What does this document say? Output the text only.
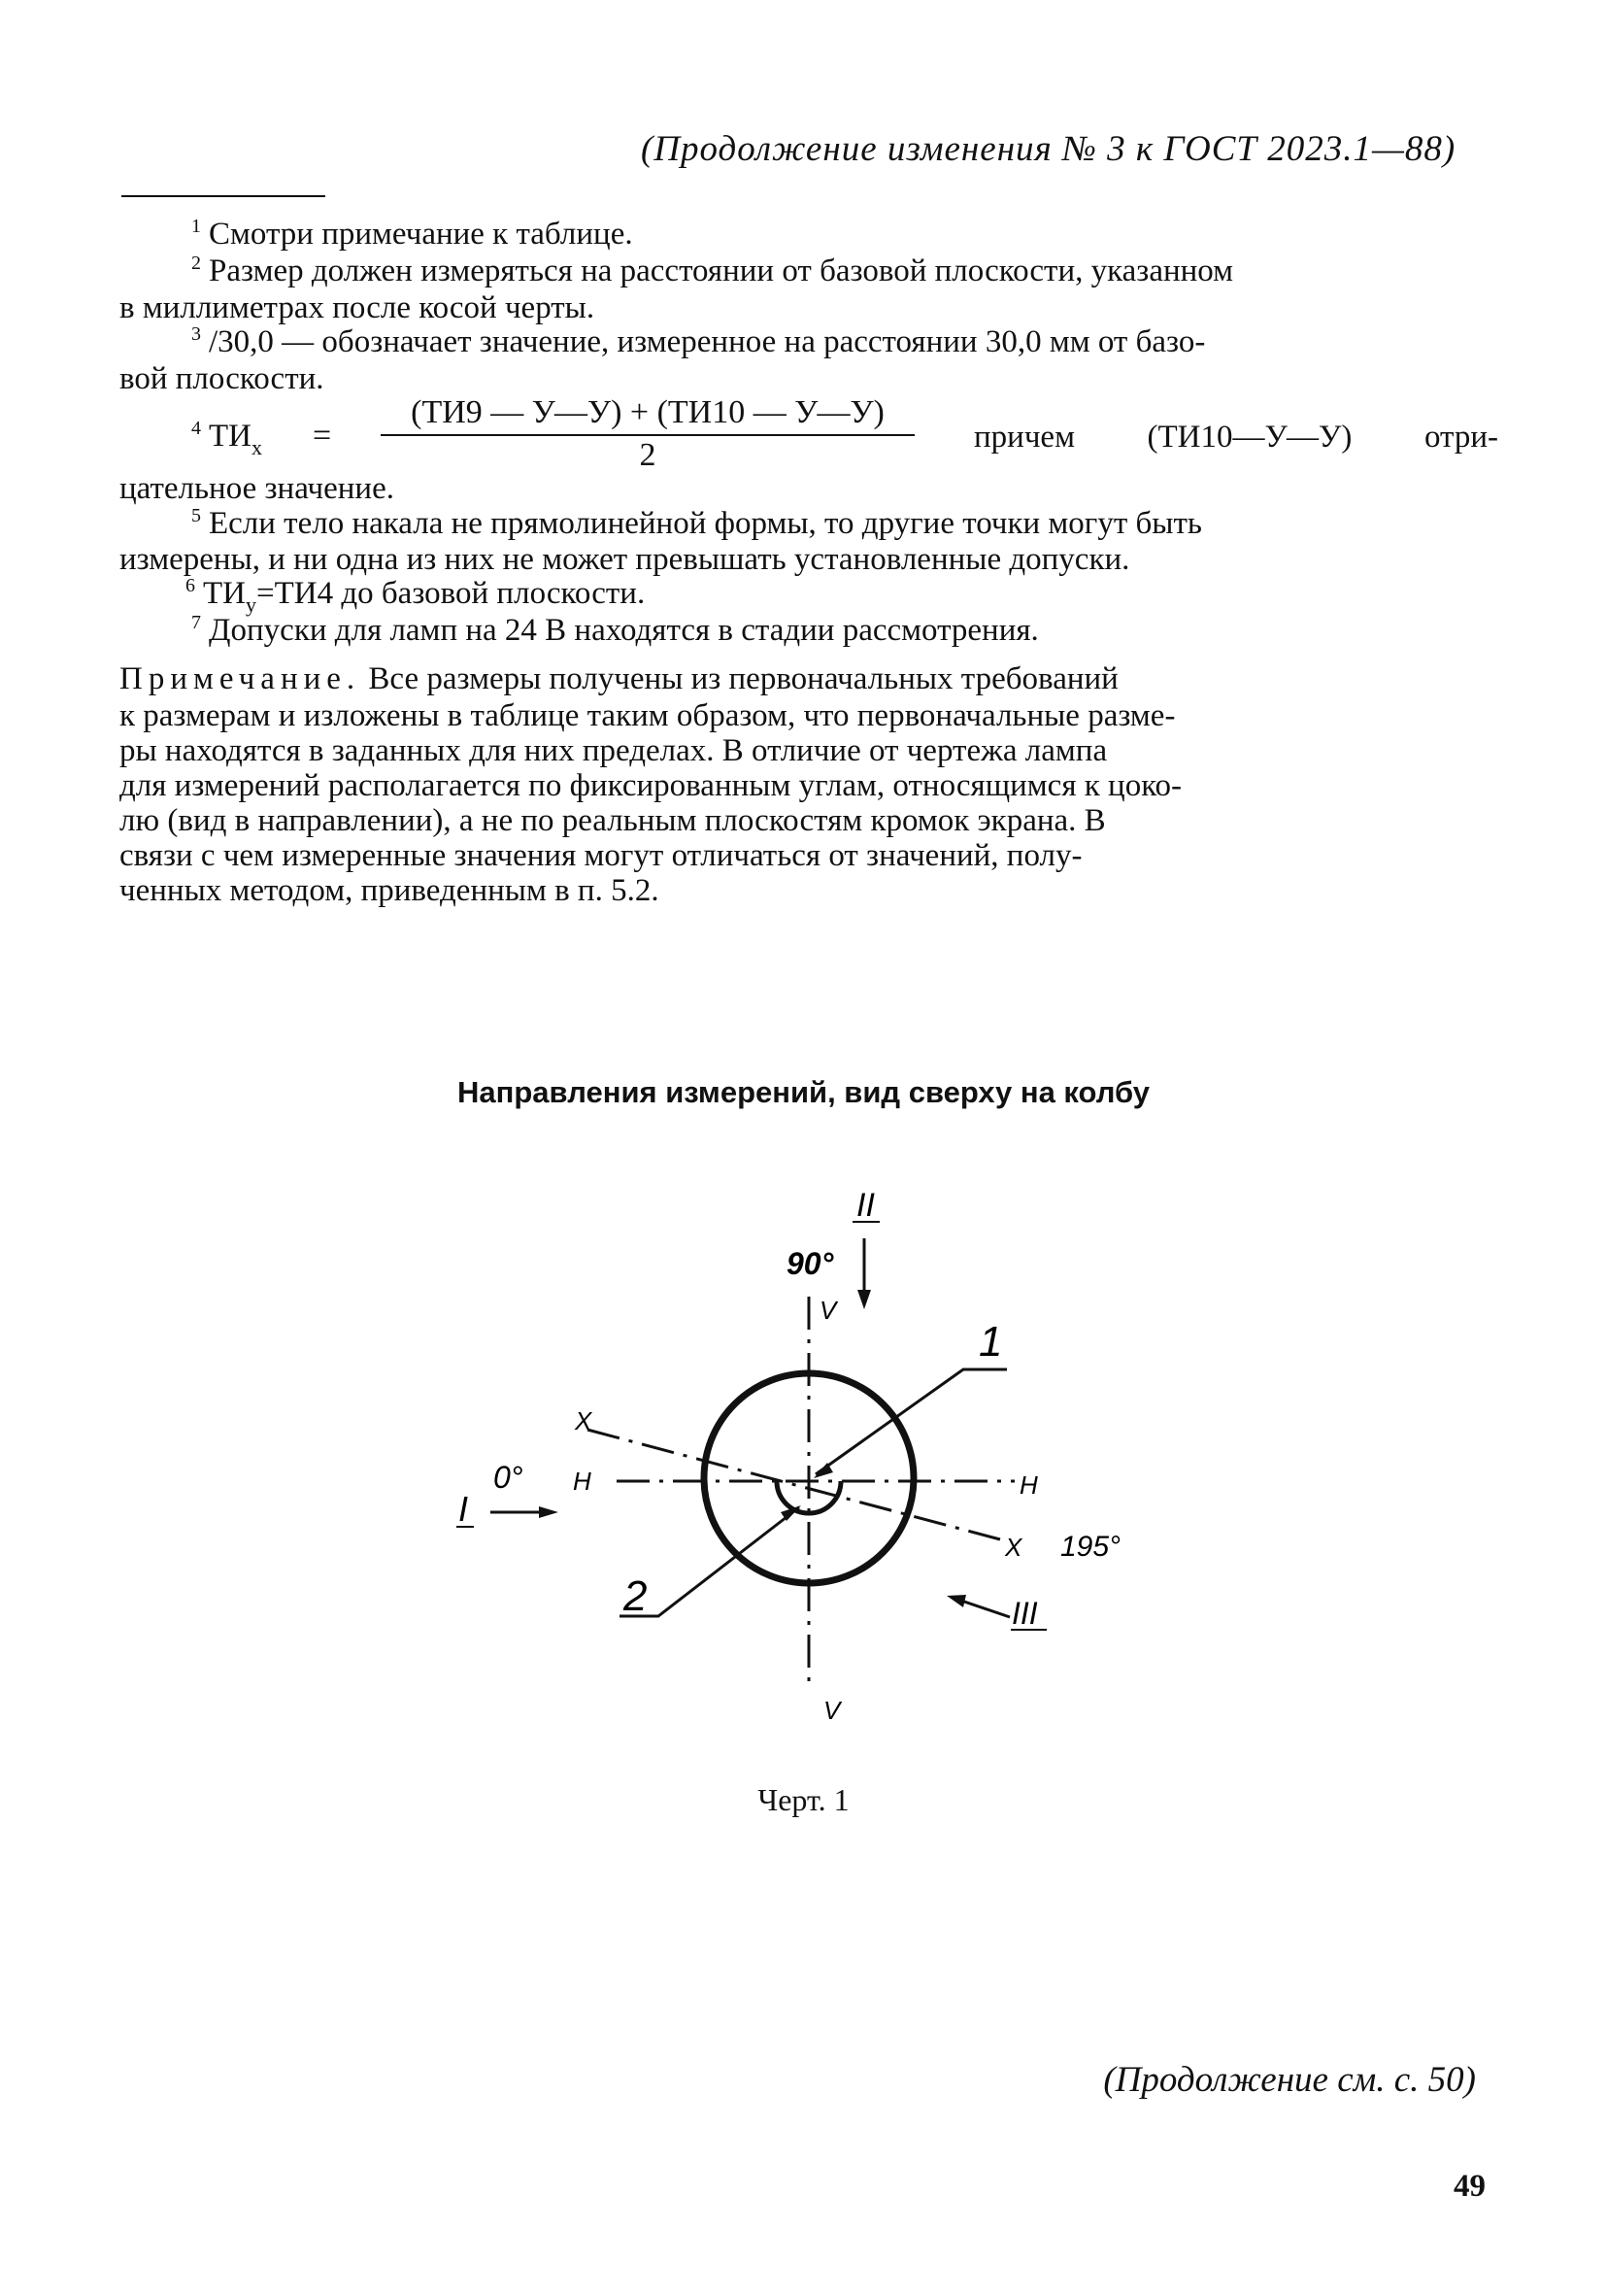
(Продолжение изменения № 3 к ГОСТ 2023.1—88)
$^1$ Смотри примечание к таблице.
$^2$ Размер должен измеряться на расстоянии от базовой плоскости, указанном
в миллиметрах после косой черты.
$^3$ /30,0 — обозначает значение, измеренное на расстоянии 30,0 мм от базо-
вой плоскости.
$^4$ $ТИ_x$	=
(ТИ9 — У—У) + (ТИ10 — У—У)
2	причем (ТИ10—У—У) отри-
цательное значение.
$^5$ Если тело накала не прямолинейной формы, то другие точки могут быть
измерены, и ни одна из них не может превышать установленные допуски.
$^6$ $ТИ_y=ТИ4$ до базовой плоскости.
$^7$ Допуски для ламп на 24 В находятся в стадии рассмотрения.
Примечание. Все размеры получены из первоначальных требований
к размерам и изложены в таблице таким образом, что первоначальные разме-
ры находятся в заданных для них пределах. В отличие от чертежа лампа
для измерений располагается по фиксированным углам, относящимся к цоко-
лю (вид в направлении), а не по реальным плоскостям кромок экрана. В
связи с чем измеренные значения могут отличаться от значений, полу-
ченных методом, приведенным в п. 5.2.
Направления измерений, вид сверху на колбу
II
90°
V
V
1
2
X
X
H	H
0°
I
195°
III
Черт. 1
(Продолжение см. с. 50)
49
